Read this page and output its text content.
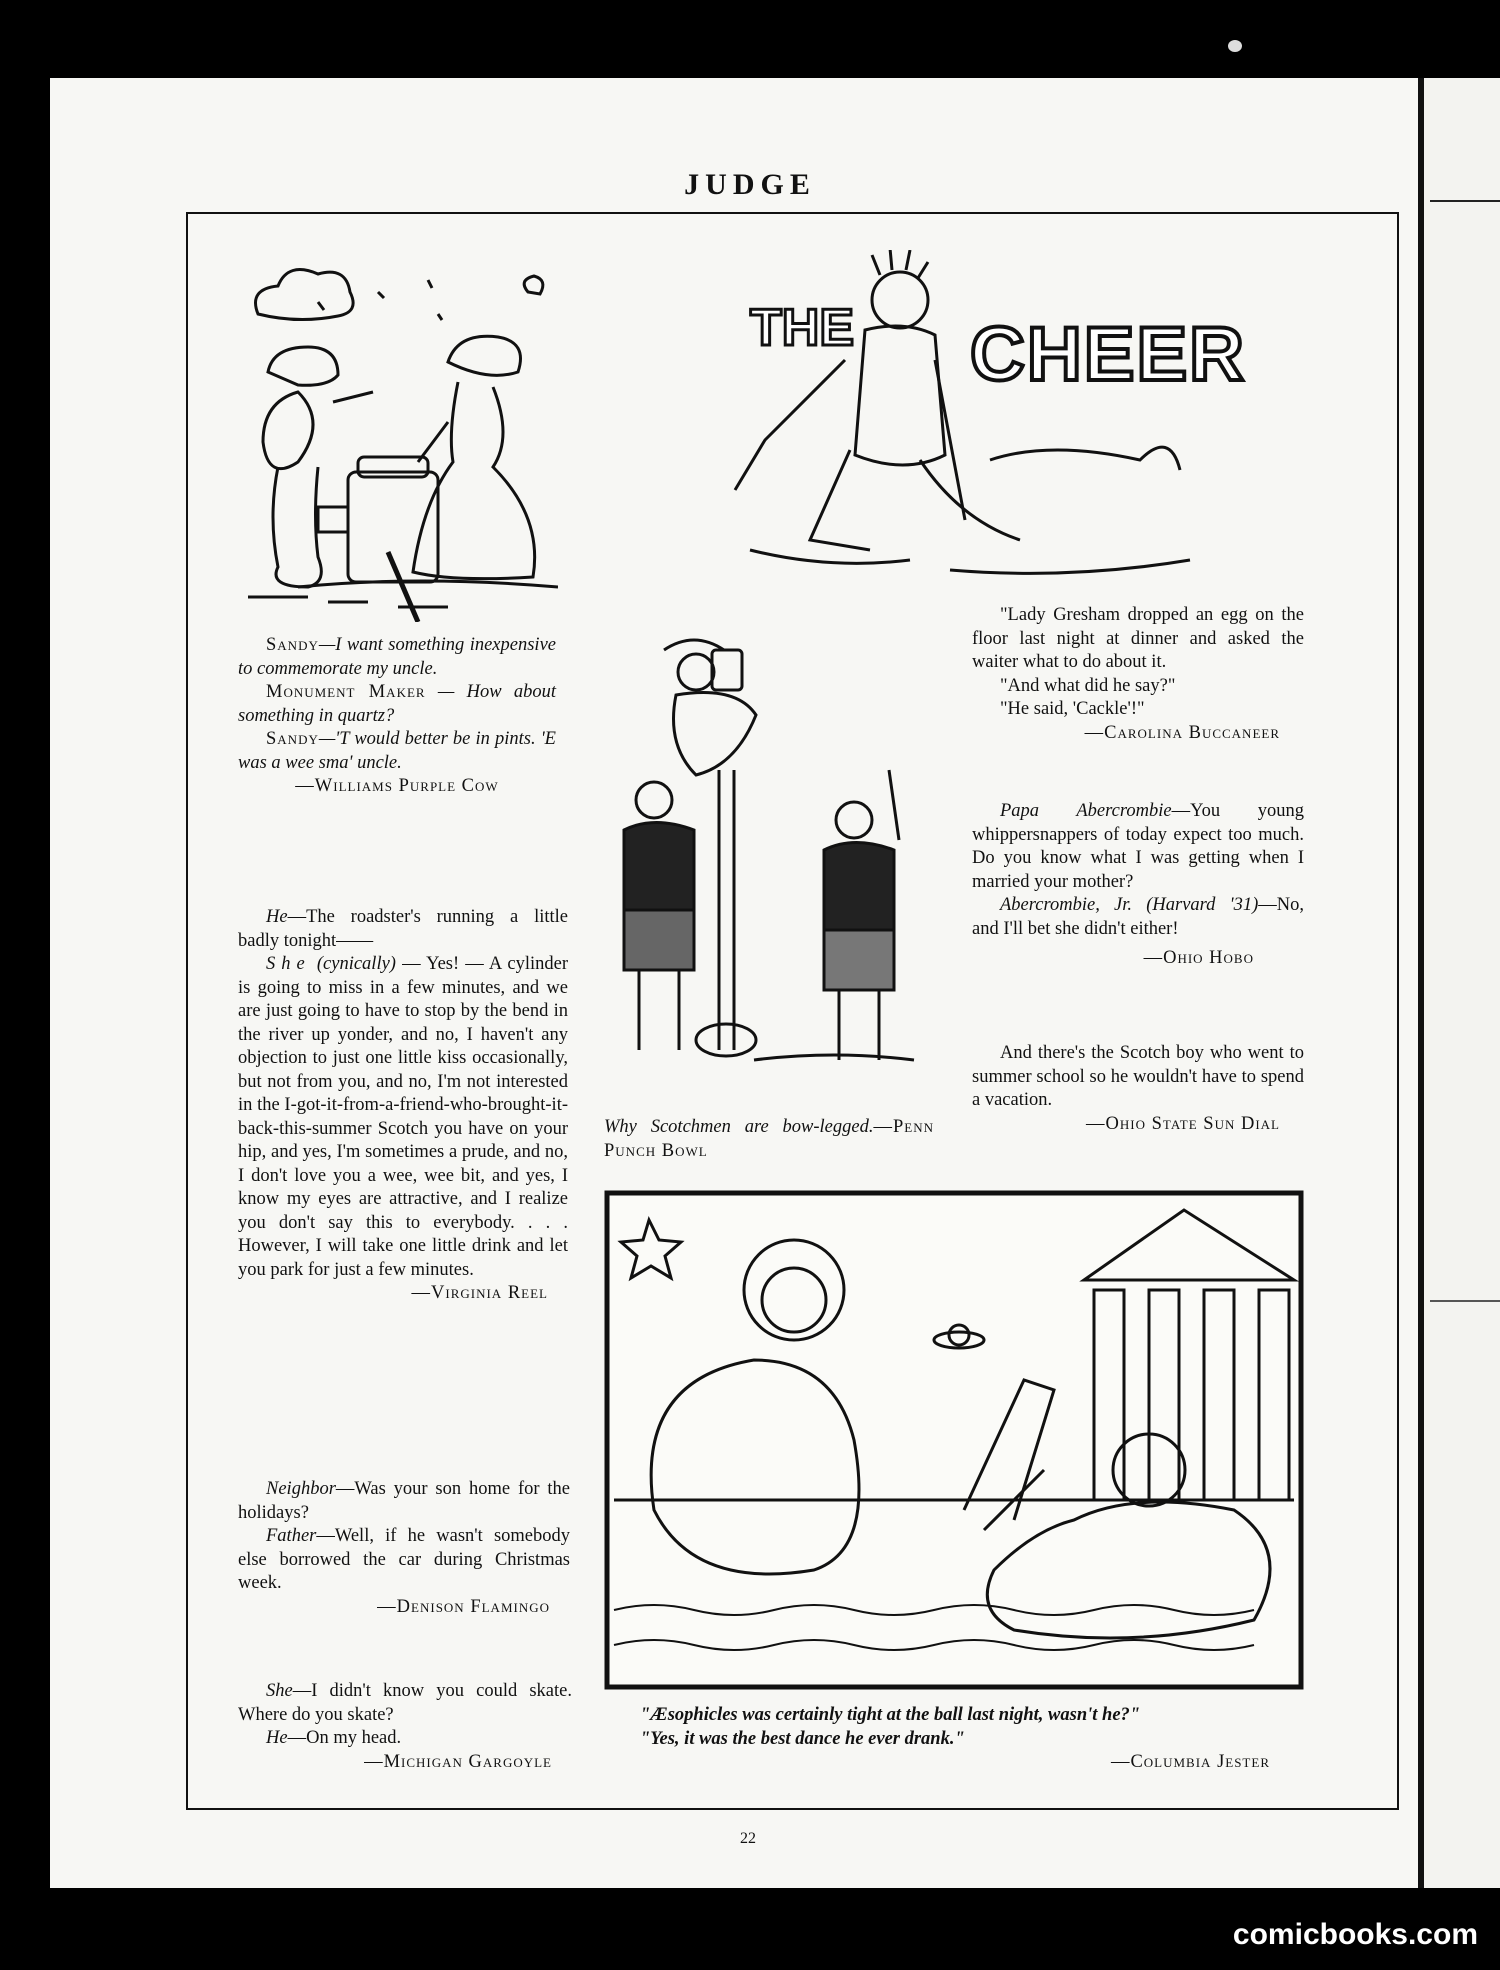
JUDGE

Sandy—I want something inexpensive to commemorate my uncle.

Monument Maker — How about something in quartz?

Sandy—'T would better be in pints. 'E was a wee sma' uncle.

—Williams Purple Cow

He—The roadster's running a little badly tonight——

She (cynically) — Yes! — A cylinder is going to miss in a few minutes, and we are just going to have to stop by the bend in the river up yonder, and no, I haven't any objection to just one little kiss occasionally, but not from you, and no, I'm not interested in the I-got-it-from-a-friend-who-brought-it-back-this-summer Scotch you have on your hip, and yes, I'm sometimes a prude, and no, I don't love you a wee, wee bit, and yes, I know my eyes are attractive, and I realize you don't say this to everybody. . . . However, I will take one little drink and let you park for just a few minutes.

—Virginia Reel

Neighbor—Was your son home for the holidays?

Father—Well, if he wasn't somebody else borrowed the car during Christmas week.

—Denison Flamingo

She—I didn't know you could skate. Where do you skate?

He—On my head.

—Michigan Gargoyle

THE CHEER
Why Scotchmen are bow-legged.—Penn Punch Bowl

"Lady Gresham dropped an egg on the floor last night at dinner and asked the waiter what to do about it.

"And what did he say?"

"He said, 'Cackle'!"

—Carolina Buccaneer

Papa Abercrombie—You young whippersnappers of today expect too much. Do you know what I was getting when I married your mother?

Abercrombie, Jr. (Harvard '31)—No, and I'll bet she didn't either!

—Ohio Hobo

And there's the Scotch boy who went to summer school so he wouldn't have to spend a vacation.

—Ohio State Sun Dial

"Æsophicles was certainly tight at the ball last night, wasn't he?"
"Yes, it was the best dance he ever drank."
—Columbia Jester
22
comicbooks.com
